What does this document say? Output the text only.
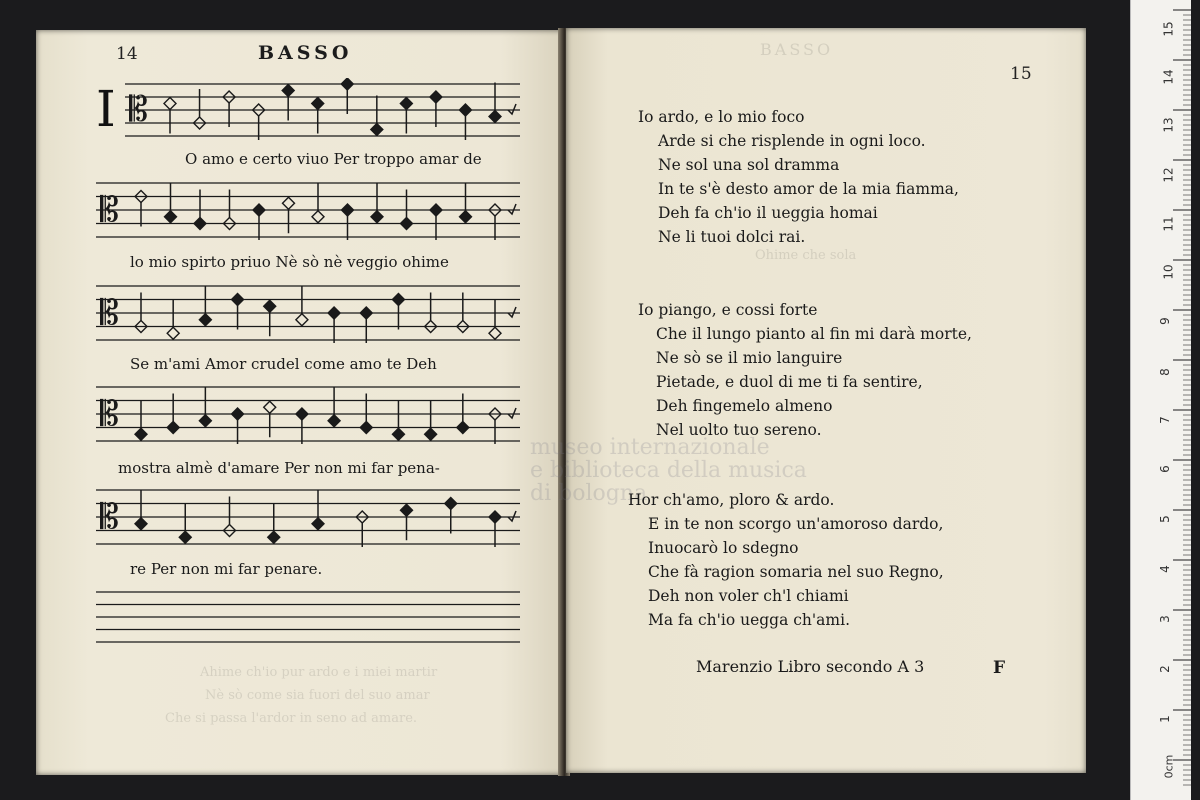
14	BASSO
I
Ahime ch'io pur ardo e i miei martir
Nè sò come sia fuori del suo amar
Che si passa l'ardor in seno ad amare.
𝄡
𝄡
𝄡
𝄡
𝄡
O amo e certo viuo Per troppo amar de
lo mio spirto priuo Nè sò nè veggio ohime
Se m'ami Amor crudel come amo te Deh
mostra almè d'amare Per non mi far pena-
re Per non mi far penare.
15
BASSO
Ohime che sola
museo internazionale
e biblioteca della musica
di bologna
Io ardo, e lo mio foco
Arde si che risplende in ogni loco.
Ne sol una sol dramma
In te s'è desto amor de la mia fiamma,
Deh fa ch'io il ueggia homai
Ne li tuoi dolci rai.
Io piango, e cossi forte
Che il lungo pianto al fin mi darà morte,
Ne sò se il mio languire
Pietade, e duol di me ti fa sentire,
Deh fingemelo almeno
Nel uolto tuo sereno.
Hor ch'amo, ploro & ardo.
E in te non scorgo un'amoroso dardo,
Inuocarò lo sdegno
Che fà ragion somaria nel suo Regno,
Deh non voler ch'l chiami
Ma fa ch'io uegga ch'ami.
Marenzio Libro secondo A 3	F
15
14
13
12
11
10
9
8
7
6
5
4
3
2
1
0cm
